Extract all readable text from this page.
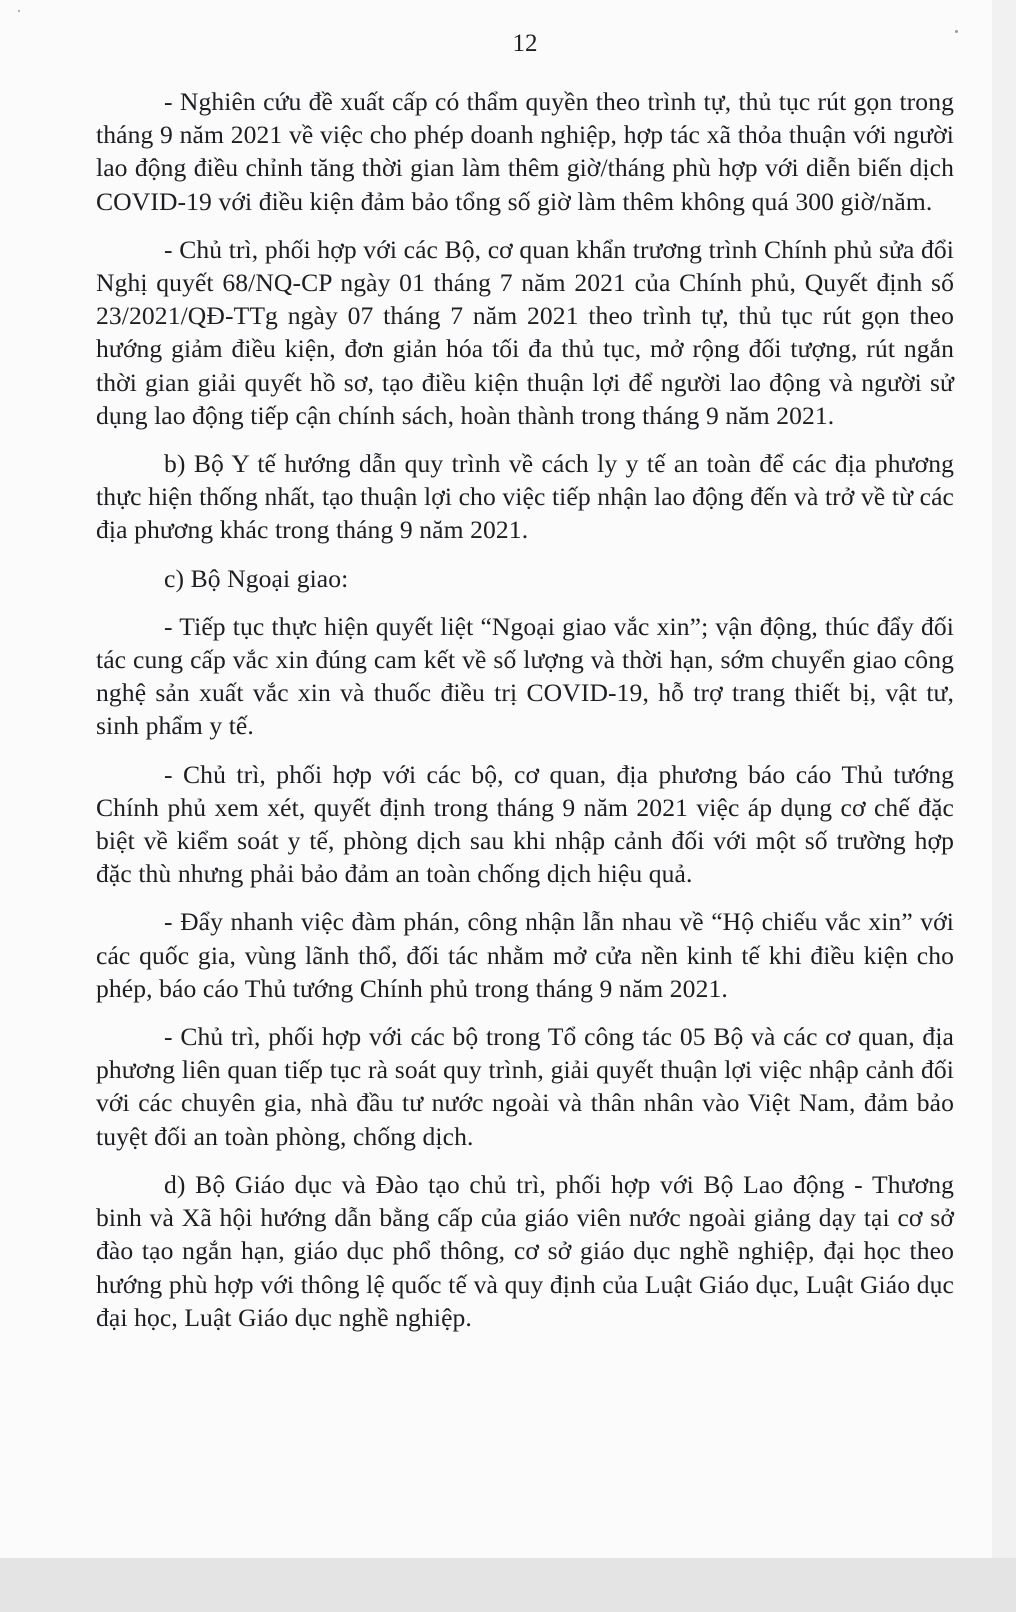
12

- Nghiên cứu đề xuất cấp có thẩm quyền theo trình tự, thủ tục rút gọn trong tháng 9 năm 2021 về việc cho phép doanh nghiệp, hợp tác xã thỏa thuận với người lao động điều chỉnh tăng thời gian làm thêm giờ/tháng phù hợp với diễn biến dịch COVID-19 với điều kiện đảm bảo tổng số giờ làm thêm không quá 300 giờ/năm.

- Chủ trì, phối hợp với các Bộ, cơ quan khẩn trương trình Chính phủ sửa đổi Nghị quyết 68/NQ-CP ngày 01 tháng 7 năm 2021 của Chính phủ, Quyết định số 23/2021/QĐ-TTg ngày 07 tháng 7 năm 2021 theo trình tự, thủ tục rút gọn theo hướng giảm điều kiện, đơn giản hóa tối đa thủ tục, mở rộng đối tượng, rút ngắn thời gian giải quyết hồ sơ, tạo điều kiện thuận lợi để người lao động và người sử dụng lao động tiếp cận chính sách, hoàn thành trong tháng 9 năm 2021.

b) Bộ Y tế hướng dẫn quy trình về cách ly y tế an toàn để các địa phương thực hiện thống nhất, tạo thuận lợi cho việc tiếp nhận lao động đến và trở về từ các địa phương khác trong tháng 9 năm 2021.

c) Bộ Ngoại giao:

- Tiếp tục thực hiện quyết liệt “Ngoại giao vắc xin”; vận động, thúc đẩy đối tác cung cấp vắc xin đúng cam kết về số lượng và thời hạn, sớm chuyển giao công nghệ sản xuất vắc xin và thuốc điều trị COVID-19, hỗ trợ trang thiết bị, vật tư, sinh phẩm y tế.

- Chủ trì, phối hợp với các bộ, cơ quan, địa phương báo cáo Thủ tướng Chính phủ xem xét, quyết định trong tháng 9 năm 2021 việc áp dụng cơ chế đặc biệt về kiểm soát y tế, phòng dịch sau khi nhập cảnh đối với một số trường hợp đặc thù nhưng phải bảo đảm an toàn chống dịch hiệu quả.

- Đẩy nhanh việc đàm phán, công nhận lẫn nhau về “Hộ chiếu vắc xin” với các quốc gia, vùng lãnh thổ, đối tác nhằm mở cửa nền kinh tế khi điều kiện cho phép, báo cáo Thủ tướng Chính phủ trong tháng 9 năm 2021.

- Chủ trì, phối hợp với các bộ trong Tổ công tác 05 Bộ và các cơ quan, địa phương liên quan tiếp tục rà soát quy trình, giải quyết thuận lợi việc nhập cảnh đối với các chuyên gia, nhà đầu tư nước ngoài và thân nhân vào Việt Nam, đảm bảo tuyệt đối an toàn phòng, chống dịch.

d) Bộ Giáo dục và Đào tạo chủ trì, phối hợp với Bộ Lao động - Thương binh và Xã hội hướng dẫn bằng cấp của giáo viên nước ngoài giảng dạy tại cơ sở đào tạo ngắn hạn, giáo dục phổ thông, cơ sở giáo dục nghề nghiệp, đại học theo hướng phù hợp với thông lệ quốc tế và quy định của Luật Giáo dục, Luật Giáo dục đại học, Luật Giáo dục nghề nghiệp.
